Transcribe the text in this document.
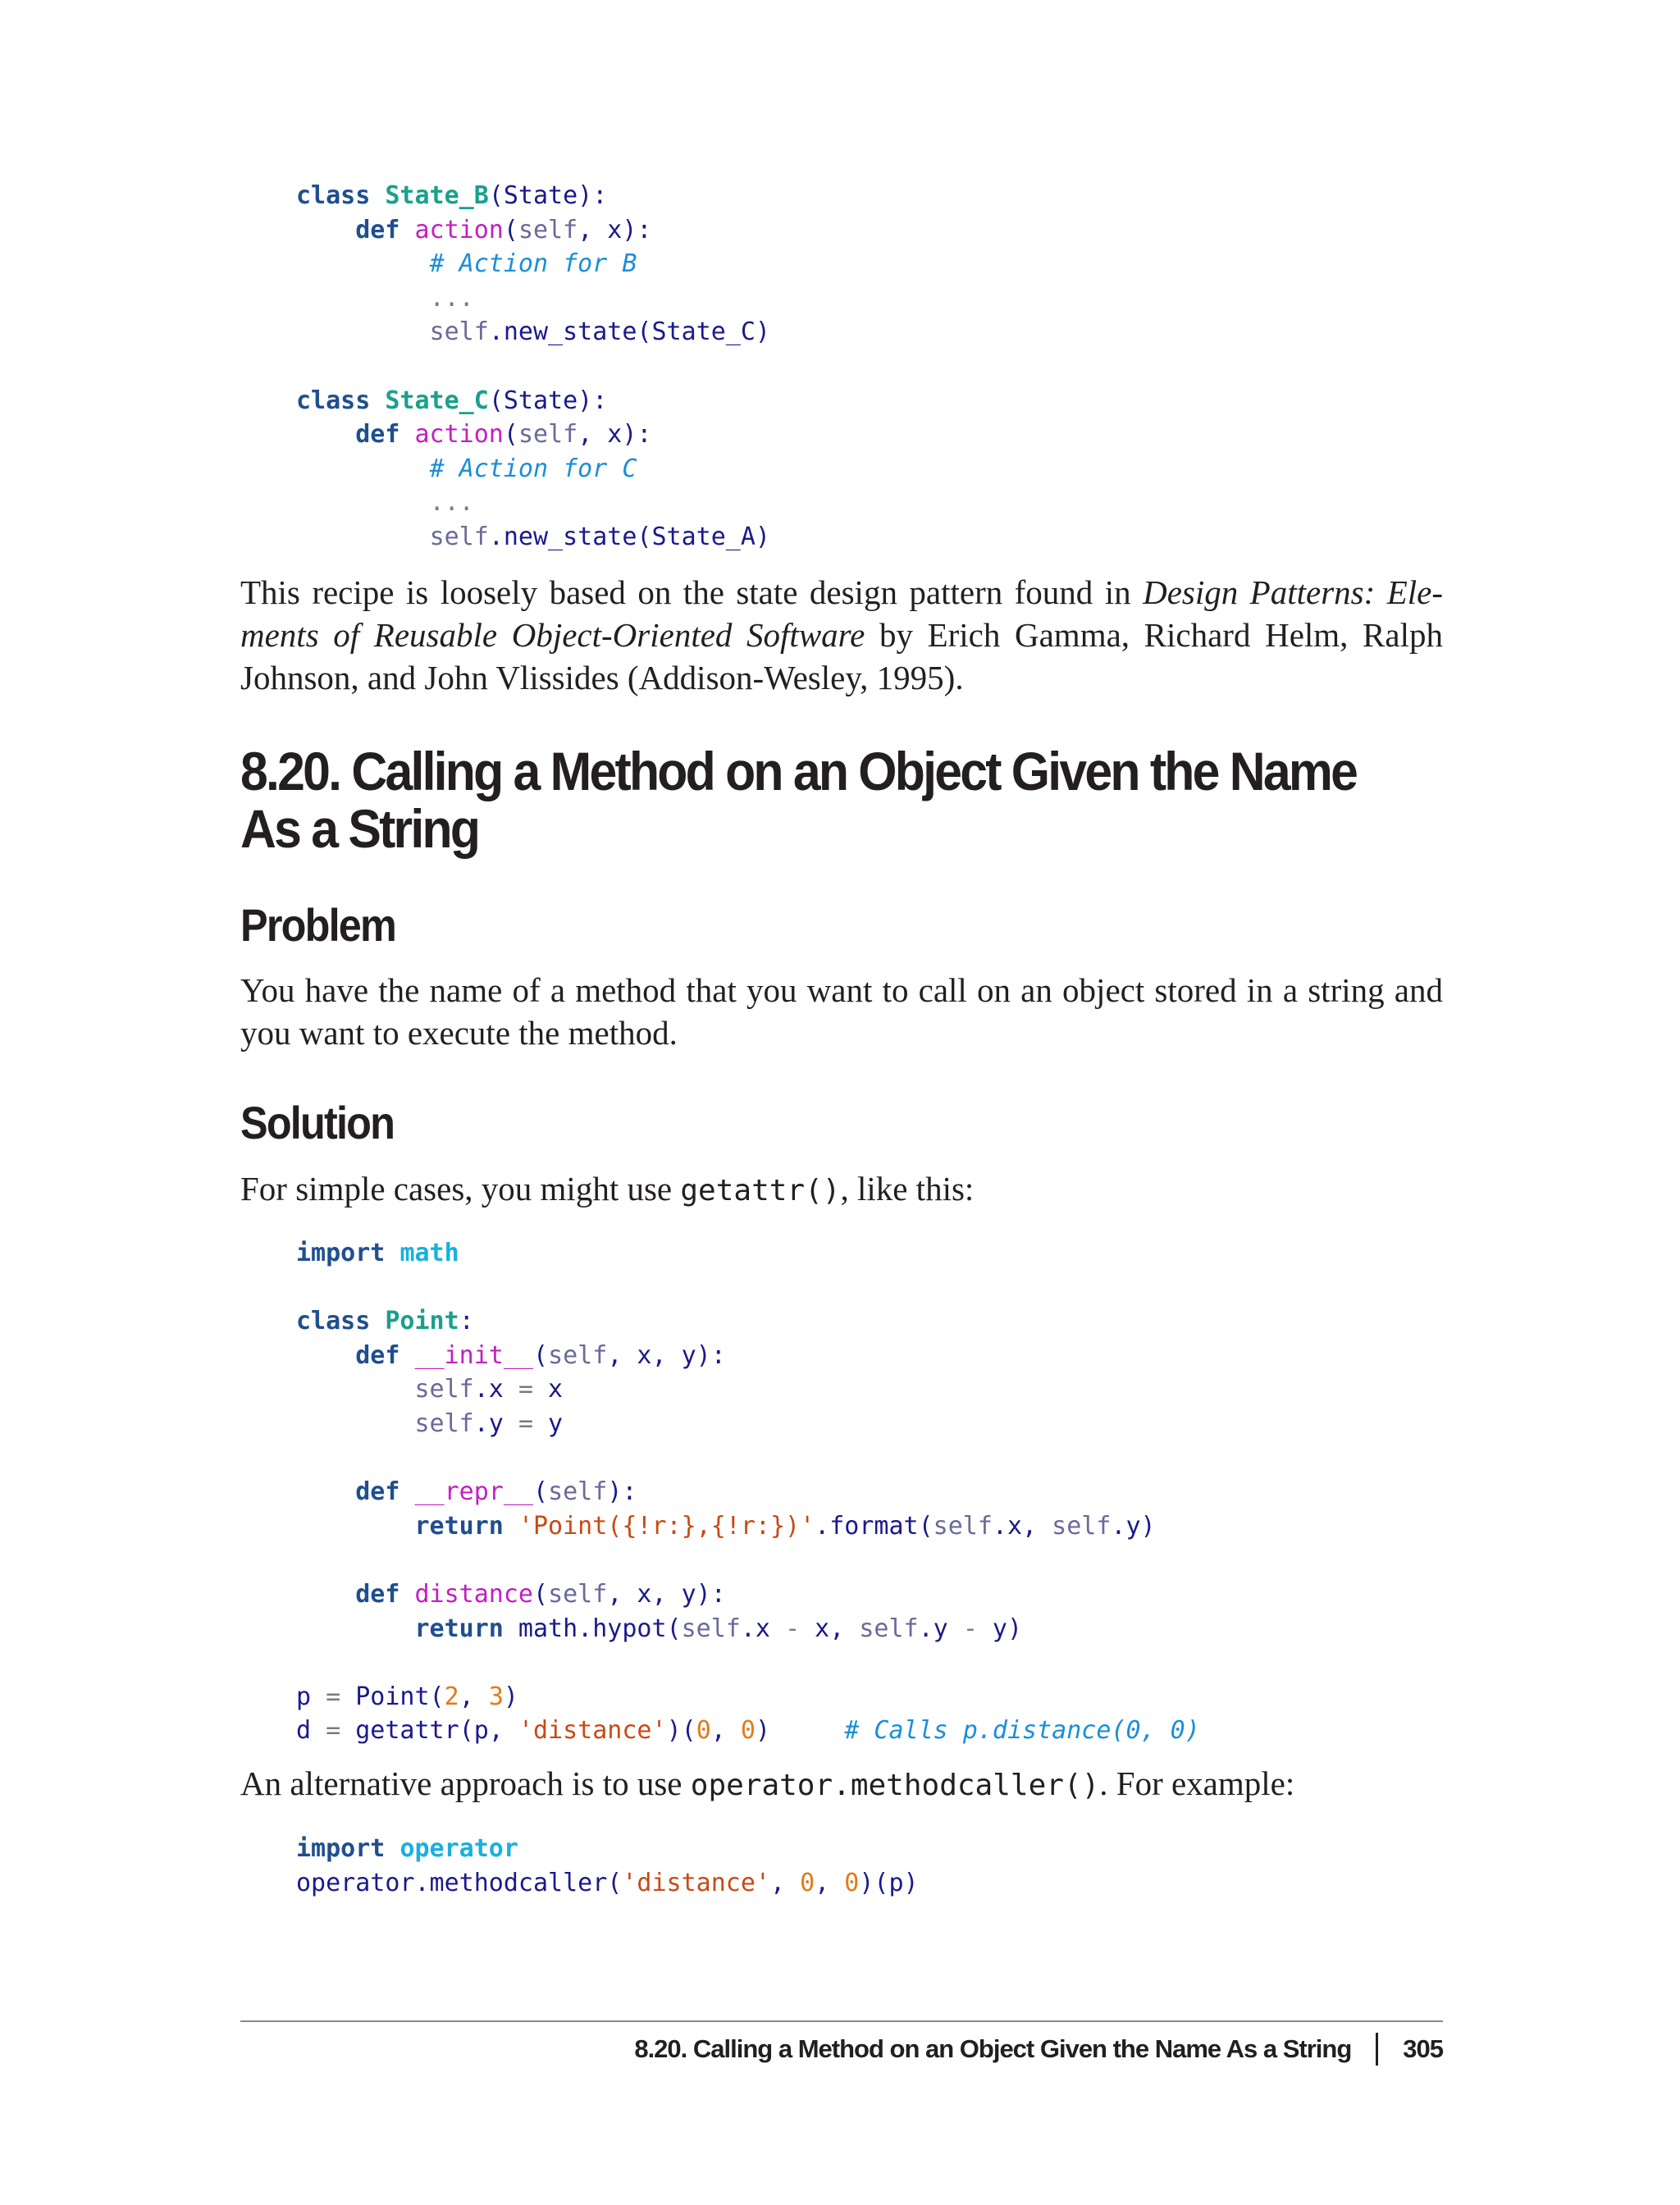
class State_B(State):
def action(self, x):
# Action for B
...
self.new_state(State_C)

class State_C(State):
def action(self, x):
# Action for C
...
self.new_state(State_A)

This recipe is loosely based on the state design pattern found in Design Patterns: Ele-ments of Reusable Object-Oriented Software by Erich Gamma, Richard Helm, Ralph Johnson, and John Vlissides (Addison-Wesley, 1995).

8.20. Calling a Method on an Object Given the Name As a String
Problem

You have the name of a method that you want to call on an object stored in a string and you want to execute the method.

Solution

For simple cases, you might use getattr(), like this:

import math

class Point:
def __init__(self, x, y):
self.x = x
self.y = y

def __repr__(self):
return 'Point({!r:},{!r:})'.format(self.x, self.y)

def distance(self, x, y):
return math.hypot(self.x - x, self.y - y)

p = Point(2, 3)
d = getattr(p, 'distance')(0, 0)     # Calls p.distance(0, 0)

An alternative approach is to use operator.methodcaller(). For example:

import operator
operator.methodcaller('distance', 0, 0)(p)
8.20. Calling a Method on an Object Given the Name As a String 305
